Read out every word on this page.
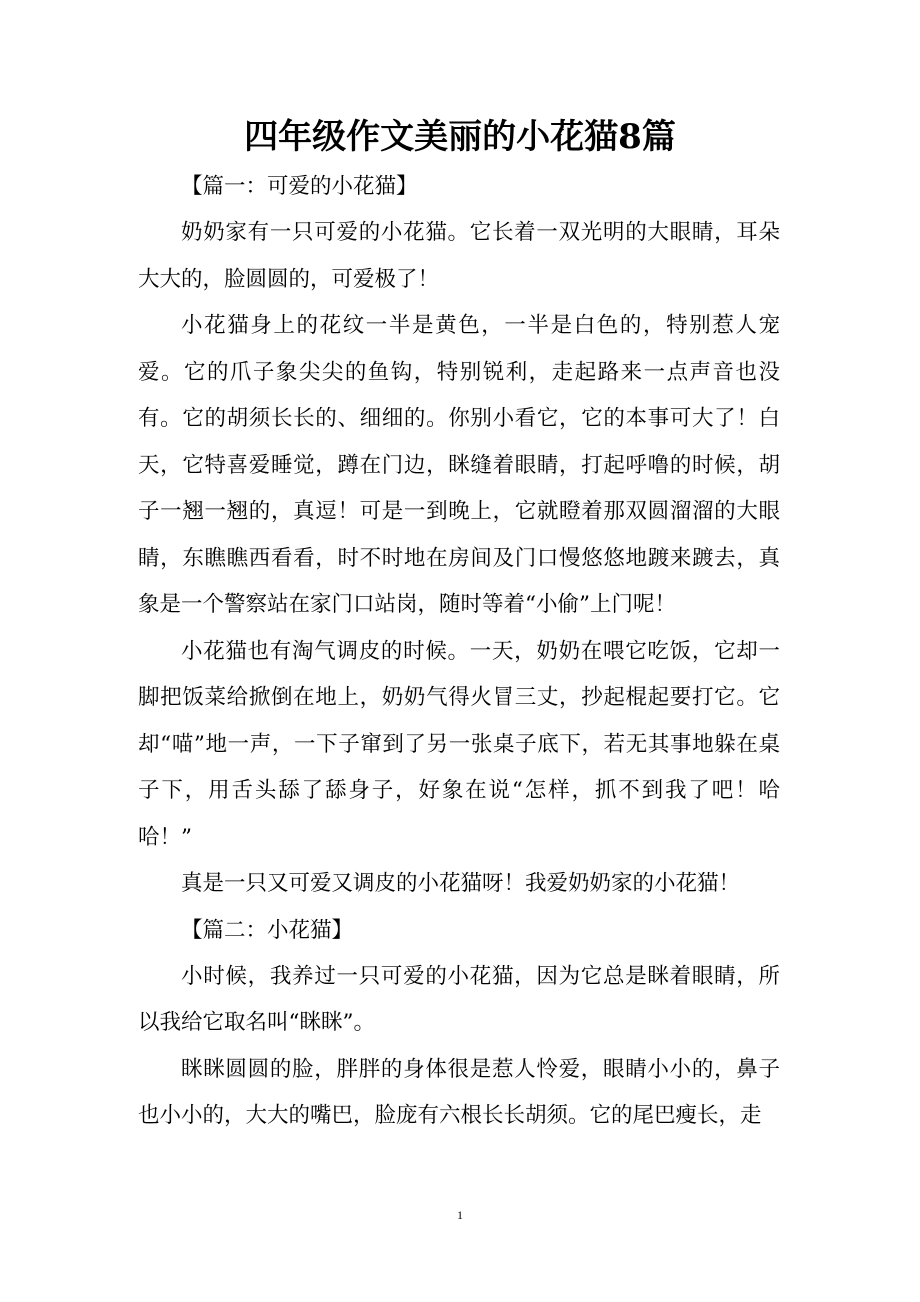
四年级作文美丽的小花猫8篇

【篇一：可爱的小花猫】

奶奶家有一只可爱的小花猫。它长着一双光明的大眼睛，耳朵大大的，脸圆圆的，可爱极了！

小花猫身上的花纹一半是黄色，一半是白色的，特别惹人宠爱。它的爪子象尖尖的鱼钩，特别锐利，走起路来一点声音也没有。它的胡须长长的、细细的。你别小看它，它的本事可大了！白天，它特喜爱睡觉，蹲在门边，眯缝着眼睛，打起呼噜的时候，胡子一翘一翘的，真逗！可是一到晚上，它就瞪着那双圆溜溜的大眼睛，东瞧瞧西看看，时不时地在房间及门口慢悠悠地踱来踱去，真象是一个警察站在家门口站岗，随时等着“小偷”上门呢！

小花猫也有淘气调皮的时候。一天，奶奶在喂它吃饭，它却一脚把饭菜给掀倒在地上，奶奶气得火冒三丈，抄起棍起要打它。它却“喵”地一声，一下子窜到了另一张桌子底下，若无其事地躲在桌子下，用舌头舔了舔身子，好象在说“怎样，抓不到我了吧！哈哈！”

真是一只又可爱又调皮的小花猫呀！我爱奶奶家的小花猫！

【篇二：小花猫】

小时候，我养过一只可爱的小花猫，因为它总是眯着眼睛，所以我给它取名叫“眯眯”。

眯眯圆圆的脸，胖胖的身体很是惹人怜爱，眼睛小小的，鼻子也小小的，大大的嘴巴，脸庞有六根长长胡须。它的尾巴瘦长，走

1
